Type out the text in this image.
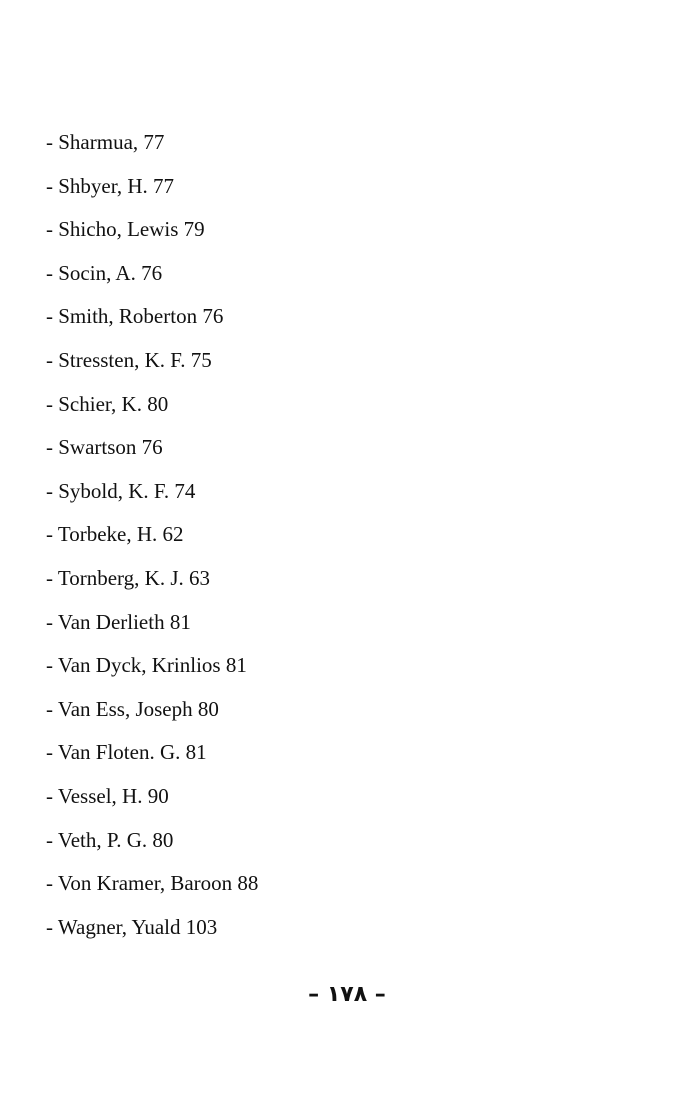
- Sharmua, 77
- Shbyer, H. 77
- Shicho, Lewis 79
- Socin, A. 76
- Smith, Roberton 76
- Stressten, K. F. 75
- Schier, K. 80
- Swartson 76
- Sybold, K. F. 74
- Torbeke, H. 62
- Tornberg, K. J. 63
- Van Derlieth 81
- Van Dyck, Krinlios 81
- Van Ess, Joseph 80
- Van Floten. G. 81
- Vessel, H. 90
- Veth, P. G. 80
- Von Kramer, Baroon 88
- Wagner, Yuald 103
– ١٧٨ –
